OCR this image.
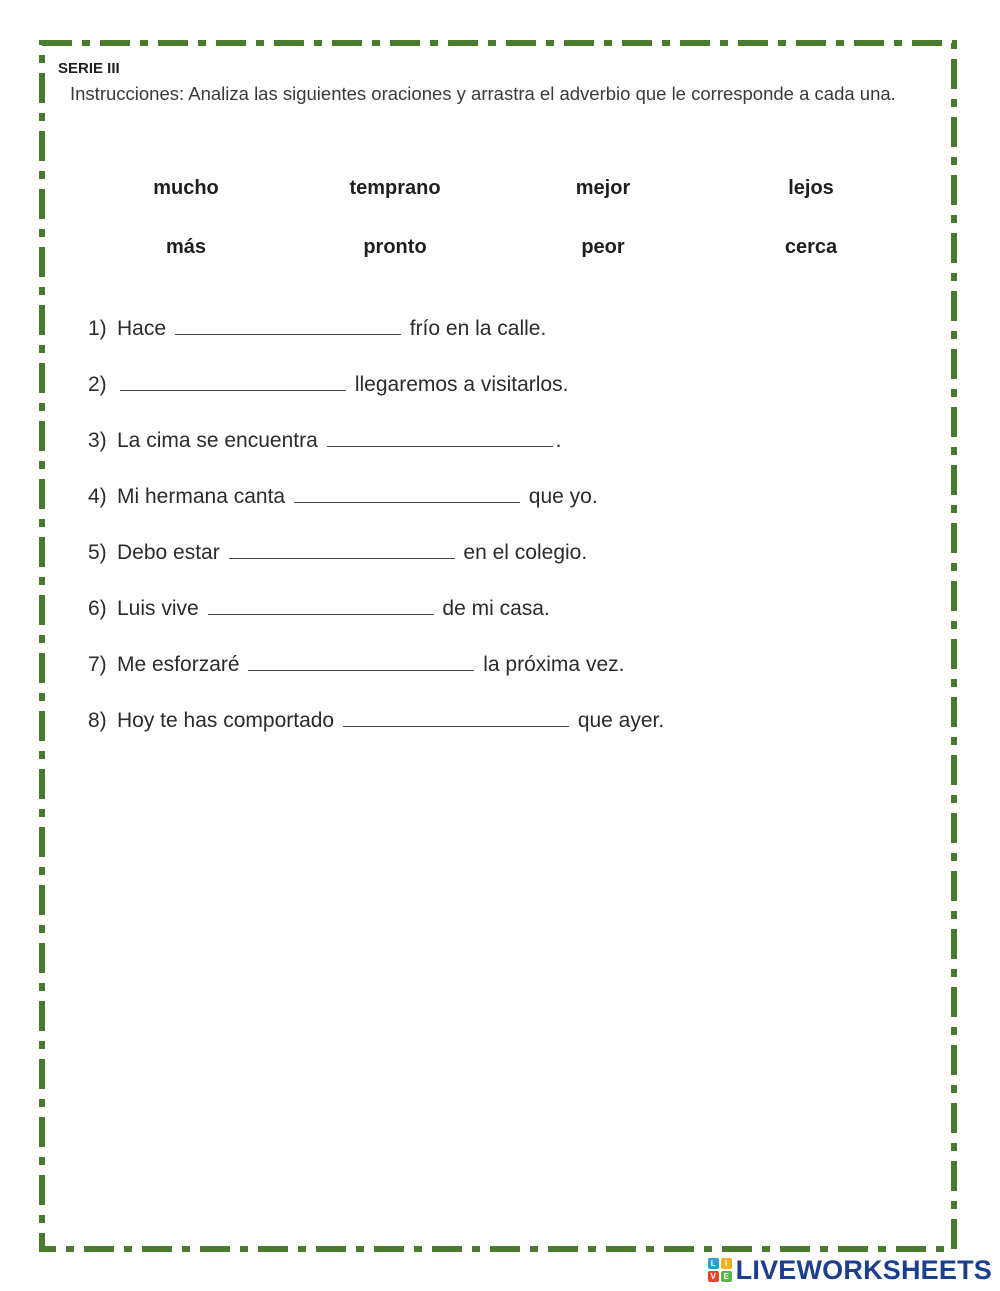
SERIE III
Instrucciones: Analiza las siguientes oraciones y arrastra el adverbio que le corresponde a cada una.
mucho	temprano	mejor	lejos
más	pronto	peor	cerca
1) Hace	frío en la calle.
2)	llegaremos a visitarlos.
3) La cima se encuentra	.
4) Mi hermana canta	que yo.
5) Debo estar	en el colegio.
6) Luis vive	de mi casa.
7) Me esforzaré	la próxima vez.
8) Hoy te has comportado	que ayer.
L	I
V E LIVEWORKSHEETS
